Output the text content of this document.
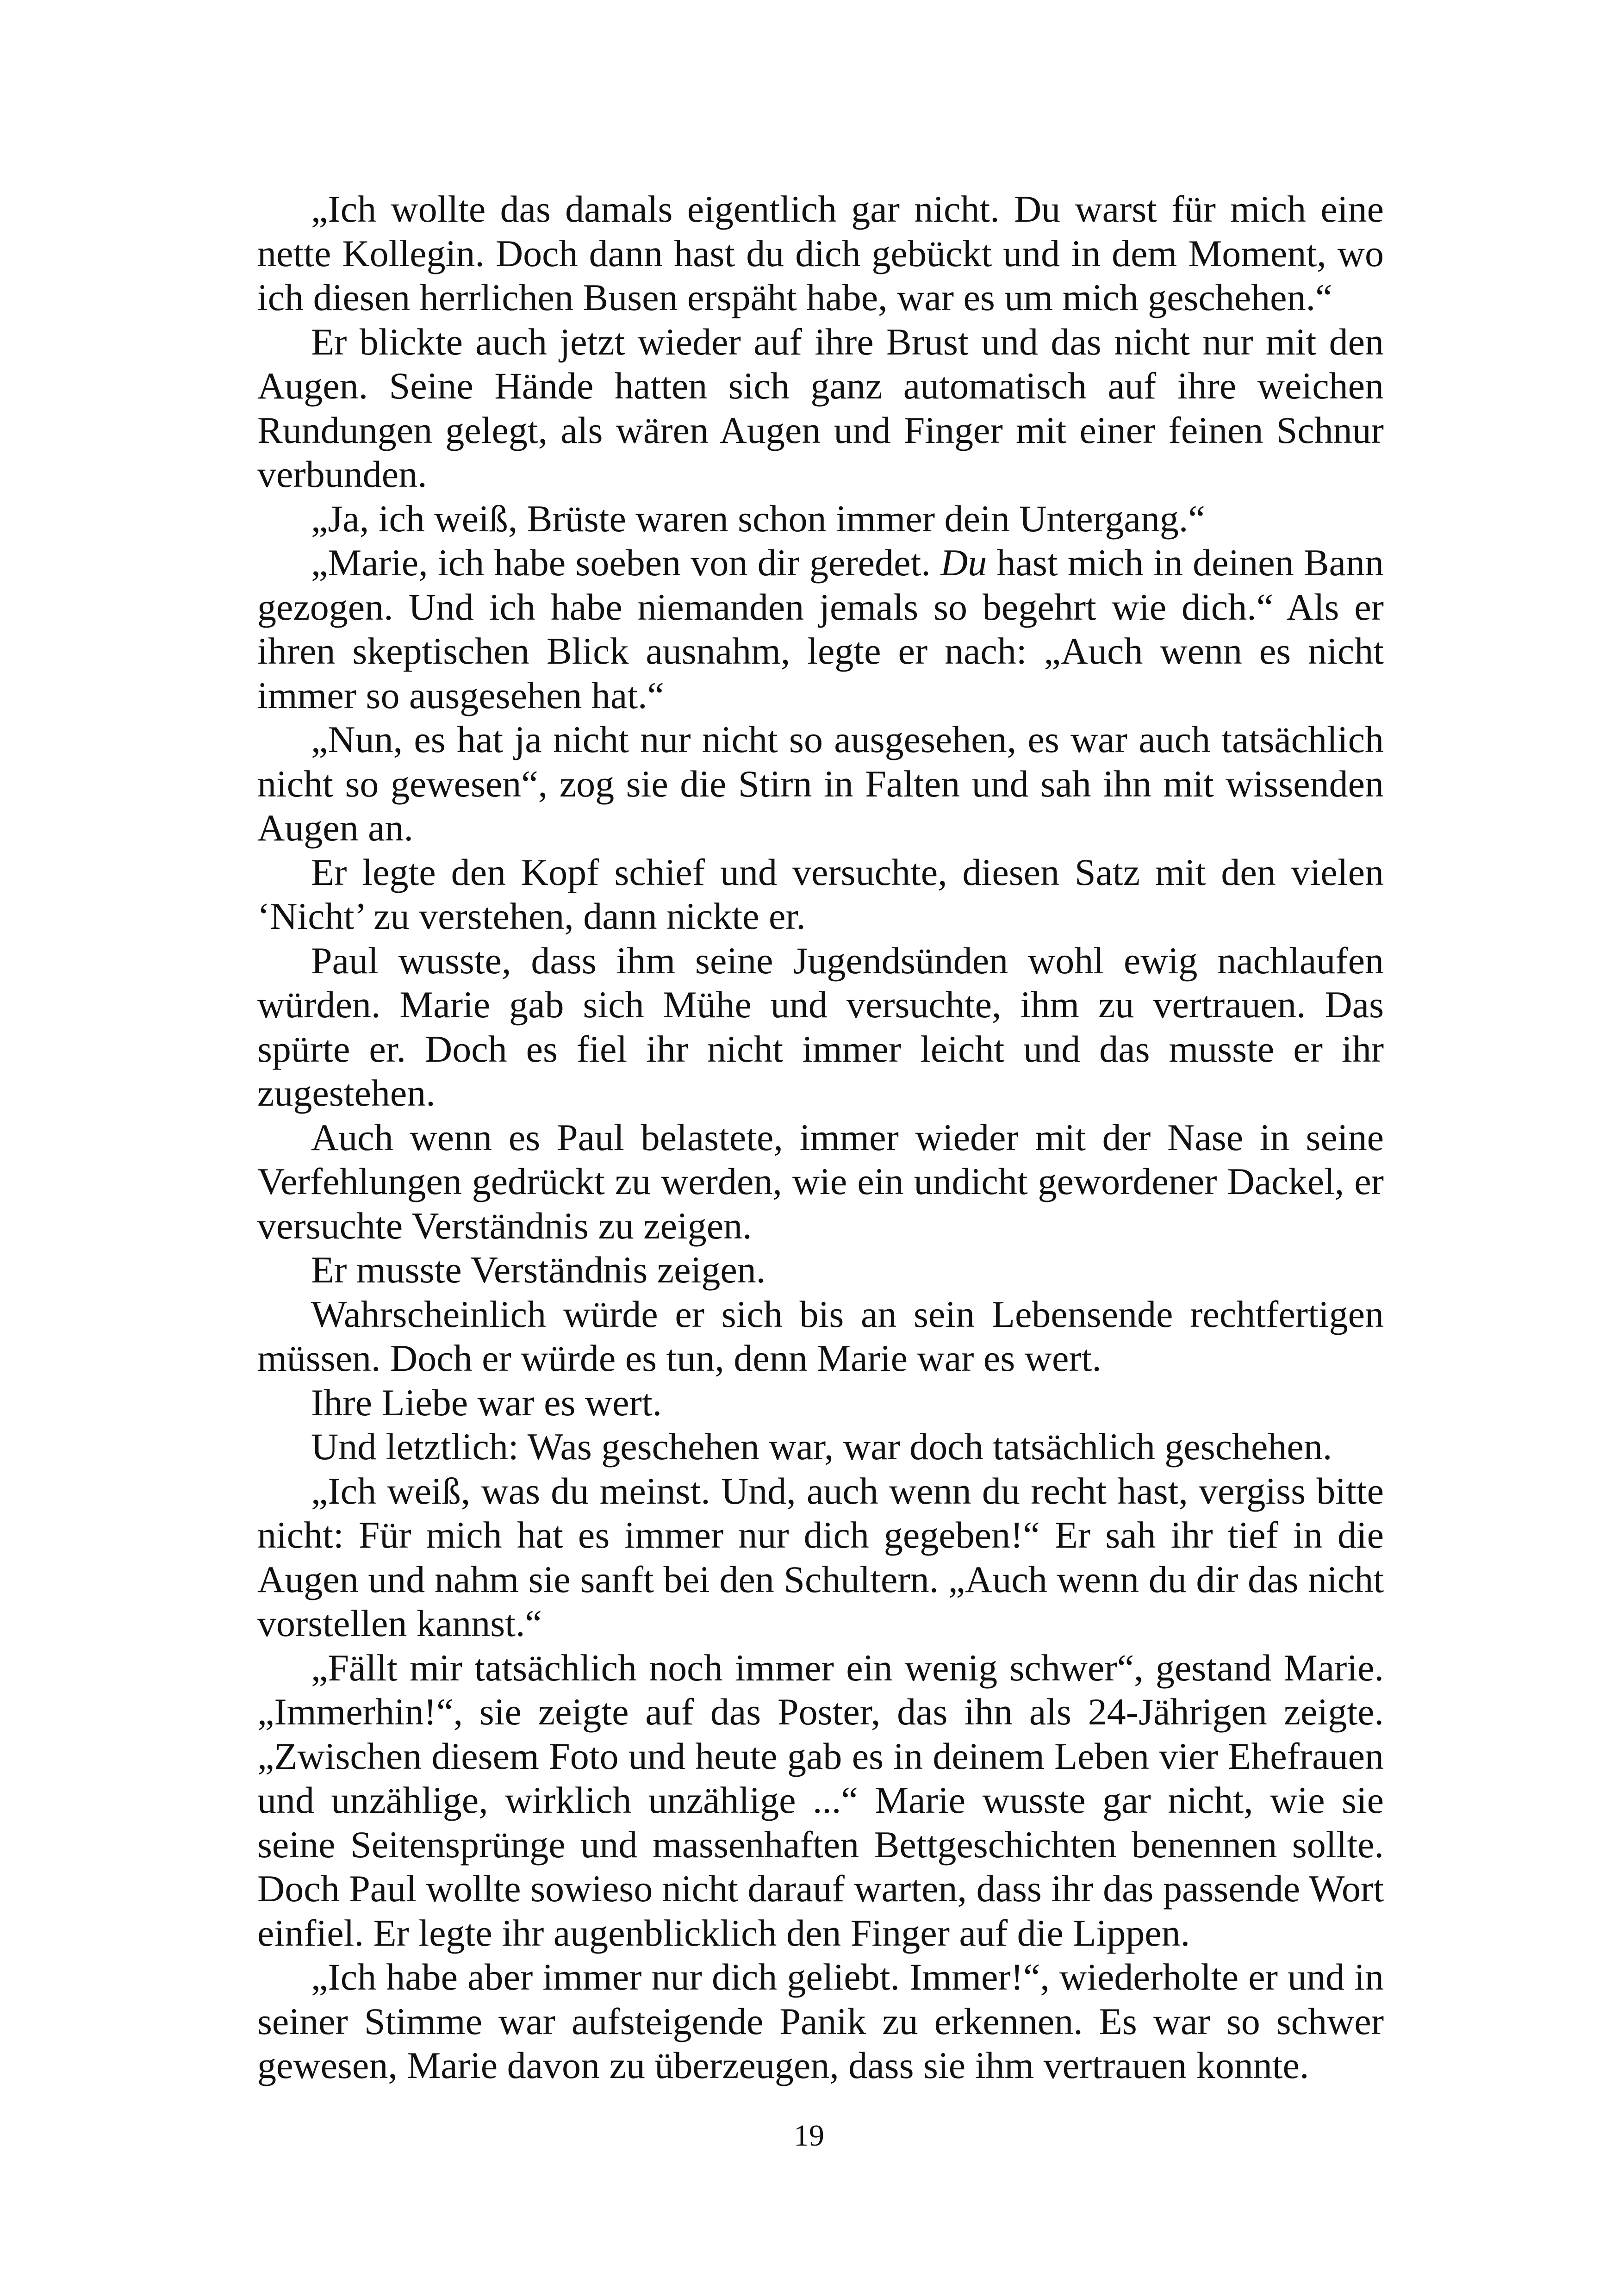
„Ich wollte das damals eigentlich gar nicht. Du warst für mich eine nette Kollegin. Doch dann hast du dich gebückt und in dem Moment, wo ich diesen herrlichen Busen erspäht habe, war es um mich geschehen.“

Er blickte auch jetzt wieder auf ihre Brust und das nicht nur mit den Augen. Seine Hände hatten sich ganz automatisch auf ihre weichen Rundungen gelegt, als wären Augen und Finger mit einer feinen Schnur verbunden.

„Ja, ich weiß, Brüste waren schon immer dein Untergang.“

„Marie, ich habe soeben von dir geredet. Du hast mich in deinen Bann gezogen. Und ich habe niemanden jemals so begehrt wie dich.“ Als er ihren skeptischen Blick ausnahm, legte er nach: „Auch wenn es nicht immer so ausgesehen hat.“

„Nun, es hat ja nicht nur nicht so ausgesehen, es war auch tatsächlich nicht so gewesen“, zog sie die Stirn in Falten und sah ihn mit wissenden Augen an.

Er legte den Kopf schief und versuchte, diesen Satz mit den vielen ‘Nicht’ zu verstehen, dann nickte er.

Paul wusste, dass ihm seine Jugendsünden wohl ewig nachlaufen würden. Marie gab sich Mühe und versuchte, ihm zu vertrauen. Das spürte er. Doch es fiel ihr nicht immer leicht und das musste er ihr zugestehen.

Auch wenn es Paul belastete, immer wieder mit der Nase in seine Verfehlungen gedrückt zu werden, wie ein undicht gewordener Dackel, er versuchte Verständnis zu zeigen.

Er musste Verständnis zeigen.

Wahrscheinlich würde er sich bis an sein Lebensende rechtfertigen müssen. Doch er würde es tun, denn Marie war es wert.

Ihre Liebe war es wert.

Und letztlich: Was geschehen war, war doch tatsächlich geschehen.

„Ich weiß, was du meinst. Und, auch wenn du recht hast, vergiss bitte nicht: Für mich hat es immer nur dich gegeben!“ Er sah ihr tief in die Augen und nahm sie sanft bei den Schultern. „Auch wenn du dir das nicht vorstellen kannst.“

„Fällt mir tatsächlich noch immer ein wenig schwer“, gestand Marie. „Immerhin!“, sie zeigte auf das Poster, das ihn als 24-Jährigen zeigte. „Zwischen diesem Foto und heute gab es in deinem Leben vier Ehefrauen und unzählige, wirklich unzählige ...“ Marie wusste gar nicht, wie sie seine Seitensprünge und massenhaften Bettgeschichten benennen sollte. Doch Paul wollte sowieso nicht darauf warten, dass ihr das passende Wort einfiel. Er legte ihr augenblicklich den Finger auf die Lippen.

„Ich habe aber immer nur dich geliebt. Immer!“, wiederholte er und in seiner Stimme war aufsteigende Panik zu erkennen. Es war so schwer gewesen, Marie davon zu überzeugen, dass sie ihm vertrauen konnte.

19
